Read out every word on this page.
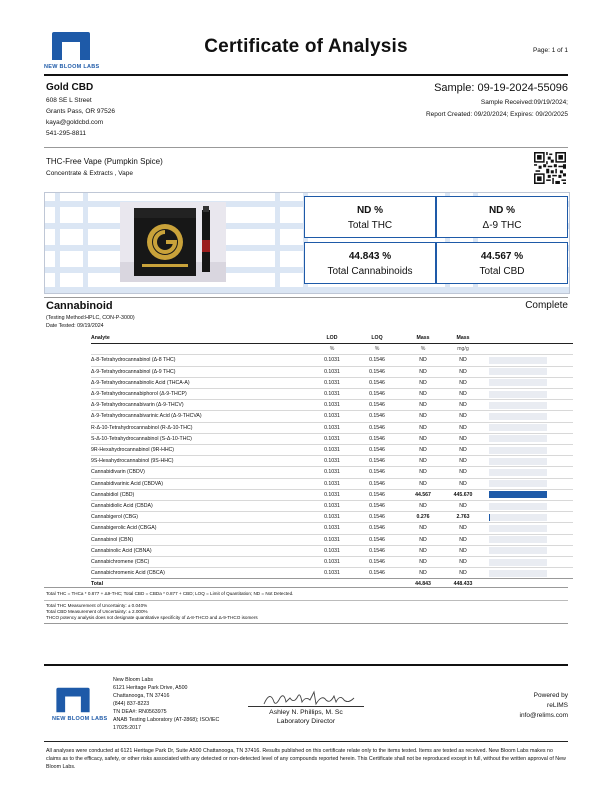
NEW BLOOM LABS
Certificate of Analysis	Page: 1 of 1
Gold CBD
608 SE L Street
Grants Pass, OR 97526
kaya@goldcbd.com
541-295-8811
Sample: 09-19-2024-55096
Sample Received:09/19/2024;
Report Created: 09/20/2024; Expires: 09/20/2025
THC-Free Vape (Pumpkin Spice)
Concentrate & Extracts , Vape
ND %
Total THC
ND %
Δ-9 THC
44.843 %
Total Cannabinoids
44.567 %
Total CBD
Cannabinoid	Complete
(Testing Method:HPLC, CON-P-3000)
Date Tested: 09/19/2024
Analyte	LOD	LOQ	Mass	Mass	
	%	%	%	mg/g	
Δ-8-Tetrahydrocannabinol (Δ-8 THC)	0.1031	0.1546	ND	ND	

Δ-9-Tetrahydrocannabinol (Δ-9 THC)	0.1031	0.1546	ND	ND	

Δ-9-Tetrahydrocannabinolic Acid (THCA-A)	0.1031	0.1546	ND	ND	

Δ-9-Tetrahydrocannabiphorol (Δ-9-THCP)	0.1031	0.1546	ND	ND	

Δ-9-Tetrahydrocannabivarin (Δ-9-THCV)	0.1031	0.1546	ND	ND	

Δ-9-Tetrahydrocannabivarinic Acid (Δ-9-THCVA)	0.1031	0.1546	ND	ND	

R-Δ-10-Tetrahydrocannabinol (R-Δ-10-THC)	0.1031	0.1546	ND	ND	

S-Δ-10-Tetrahydrocannabinol (S-Δ-10-THC)	0.1031	0.1546	ND	ND	

9R-Hexahydrocannabinol (9R-HHC)	0.1031	0.1546	ND	ND	

9S-Hexahydrocannabinol (9S-HHC)	0.1031	0.1546	ND	ND	

Cannabidivarin (CBDV)	0.1031	0.1546	ND	ND	

Cannabidivarinic Acid (CBDVA)	0.1031	0.1546	ND	ND	

Cannabidiol (CBD)	0.1031	0.1546	44.567	445.670	

Cannabidiolic Acid (CBDA)	0.1031	0.1546	ND	ND	

Cannabigerol (CBG)	0.1031	0.1546	0.276	2.763	

Cannabigerolic Acid (CBGA)	0.1031	0.1546	ND	ND	

Cannabinol (CBN)	0.1031	0.1546	ND	ND	

Cannabinolic Acid (CBNA)	0.1031	0.1546	ND	ND	

Cannabichromene (CBC)	0.1031	0.1546	ND	ND	

Cannabichromenic Acid (CBCA)	0.1031	0.1546	ND	ND	

Total			44.843	448.433	
Total THC = THCa * 0.877 + Δ9-THC; Total CBD = CBDa * 0.877 + CBD; LOQ = Limit of Quantitation; ND = Not Detected.
Total THC Measurement of Uncertainty: ± 0.040%
Total CBD Measurement of Uncertainty: ± 2.000%
THCO potency analysis does not designate quantitative specificity of Δ-8-THCO and Δ-9-THCO isomers
NEW BLOOM LABS
New Bloom Labs
6121 Heritage Park Drive, A500
Chattanooga, TN 37416
(844) 837-8223
TN DEA#: RN0563975
ANAB Testing Laboratory (AT-2868); ISO/IEC
17025:2017
Ashley N. Phillips, M. Sc
Laboratory Director
Powered by
reLIMS
info@relims.com
All analyses were conducted at 6121 Heritage Park Dr, Suite A500 Chattanooga, TN 37416. Results published on this certificate relate only to the items tested. Items are tested as received. New Bloom Labs makes no claims as to the efficacy, safety, or other risks associated with any detected or non-detected level of any compounds reported herein. This Certificate shall not be reproduced except in full, without the written approval of New Bloom Labs.
